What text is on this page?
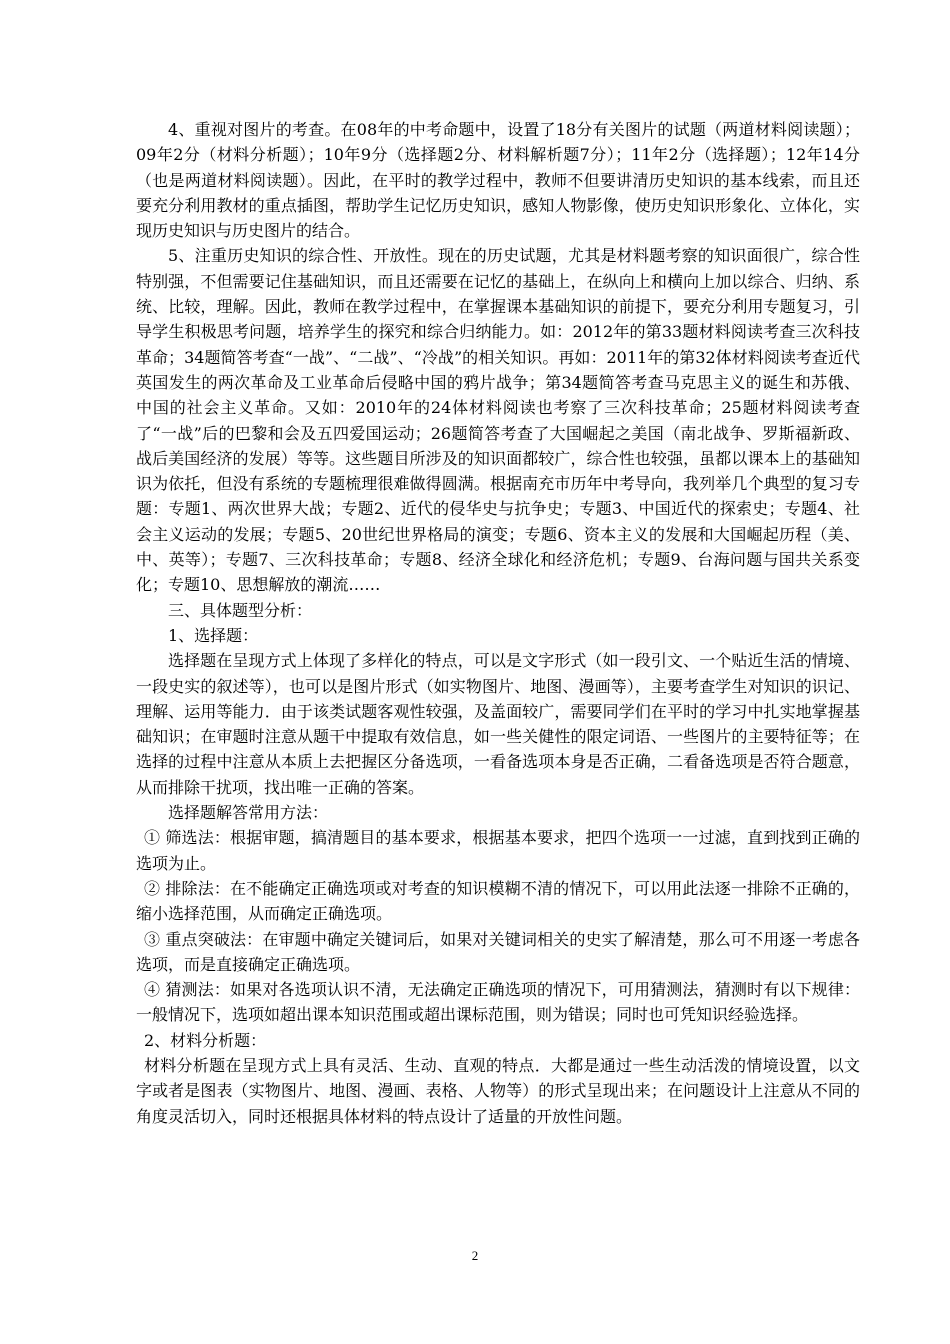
4、重视对图片的考查。在08年的中考命题中，设置了18分有关图片的试题（两道材料阅读题）；09年2分（材料分析题）；10年9分（选择题2分、材料解析题7分）；11年2分（选择题）；12年14分（也是两道材料阅读题）。因此，在平时的教学过程中，教师不但要讲清历史知识的基本线索，而且还要充分利用教材的重点插图，帮助学生记忆历史知识，感知人物影像，使历史知识形象化、立体化，实现历史知识与历史图片的结合。

5、注重历史知识的综合性、开放性。现在的历史试题，尤其是材料题考察的知识面很广，综合性特别强，不但需要记住基础知识，而且还需要在记忆的基础上，在纵向上和横向上加以综合、归纳、系统、比较，理解。因此，教师在教学过程中，在掌握课本基础知识的前提下，要充分利用专题复习，引导学生积极思考问题，培养学生的探究和综合归纳能力。如：2012年的第33题材料阅读考查三次科技革命；34题简答考查“一战”、“二战”、“冷战”的相关知识。再如：2011年的第32体材料阅读考查近代英国发生的两次革命及工业革命后侵略中国的鸦片战争；第34题简答考查马克思主义的诞生和苏俄、中国的社会主义革命。又如：2010年的24体材料阅读也考察了三次科技革命；25题材料阅读考查了“一战”后的巴黎和会及五四爱国运动；26题简答考查了大国崛起之美国（南北战争、罗斯福新政、战后美国经济的发展）等等。这些题目所涉及的知识面都较广，综合性也较强，虽都以课本上的基础知识为依托，但没有系统的专题梳理很难做得圆满。根据南充市历年中考导向，我列举几个典型的复习专题：专题1、两次世界大战；专题2、近代的侵华史与抗争史；专题3、中国近代的探索史；专题4、社会主义运动的发展；专题5、20世纪世界格局的演变；专题6、资本主义的发展和大国崛起历程（美、中、英等）；专题7、三次科技革命；专题8、经济全球化和经济危机；专题9、台海问题与国共关系变化；专题10、思想解放的潮流……

三、具体题型分析：

1、选择题：

选择题在呈现方式上体现了多样化的特点，可以是文字形式（如一段引文、一个贴近生活的情境、一段史实的叙述等），也可以是图片形式（如实物图片、地图、漫画等），主要考查学生对知识的识记、理解、运用等能力．由于该类试题客观性较强，及盖面较广，需要同学们在平时的学习中扎实地掌握基础知识；在审题时注意从题干中提取有效信息，如一些关健性的限定词语、一些图片的主要特征等；在选择的过程中注意从本质上去把握区分备选项，一看备选项本身是否正确，二看备选项是否符合题意，从而排除干扰项，找出唯一正确的答案。

选择题解答常用方法：

① 筛选法：根据审题，搞清题目的基本要求，根据基本要求，把四个选项一一过滤，直到找到正确的选项为止。

② 排除法：在不能确定正确选项或对考查的知识模糊不清的情况下，可以用此法逐一排除不正确的，缩小选择范围，从而确定正确选项。

③ 重点突破法：在审题中确定关键词后，如果对关键词相关的史实了解清楚，那么可不用逐一考虑各选项，而是直接确定正确选项。

④ 猜测法：如果对各选项认识不清，无法确定正确选项的情况下，可用猜测法，猜测时有以下规律：一般情况下，选项如超出课本知识范围或超出课标范围，则为错误；同时也可凭知识经验选择。

2、材料分析题：

材料分析题在呈现方式上具有灵活、生动、直观的特点．大都是通过一些生动活泼的情境设置，以文字或者是图表（实物图片、地图、漫画、表格、人物等）的形式呈现出来；在问题设计上注意从不同的角度灵活切入，同时还根据具体材料的特点设计了适量的开放性问题。

2
